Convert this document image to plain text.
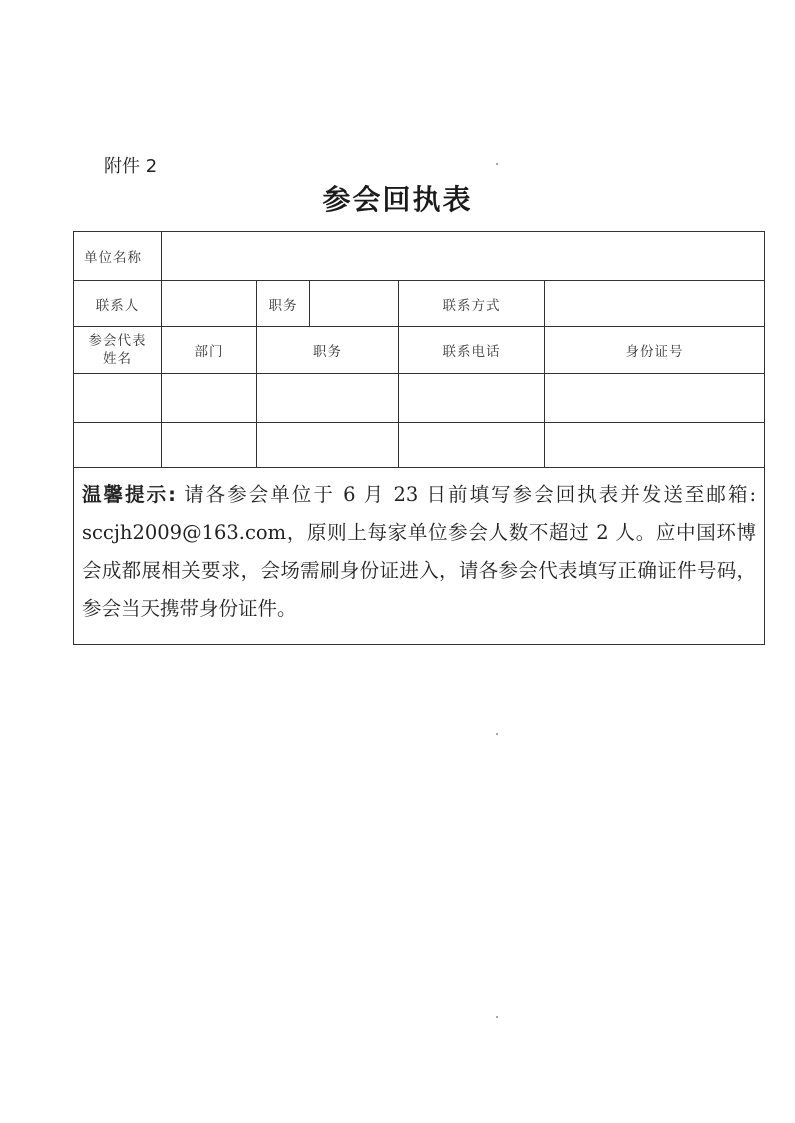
附件 2
参会回执表
单位名称					
联系人		职务		联系方式	
参会代表
姓名	部门	职务		联系电话	身份证号

温馨提示: 请各参会单位于 6 月 23 日前填写参会回执表并发送至邮箱: sccjh2009@163.com，原则上每家单位参会人数不超过 2 人。应中国环博会成都展相关要求，会场需刷身份证进入，请各参会代表填写正确证件号码，参会当天携带身份证件。					
